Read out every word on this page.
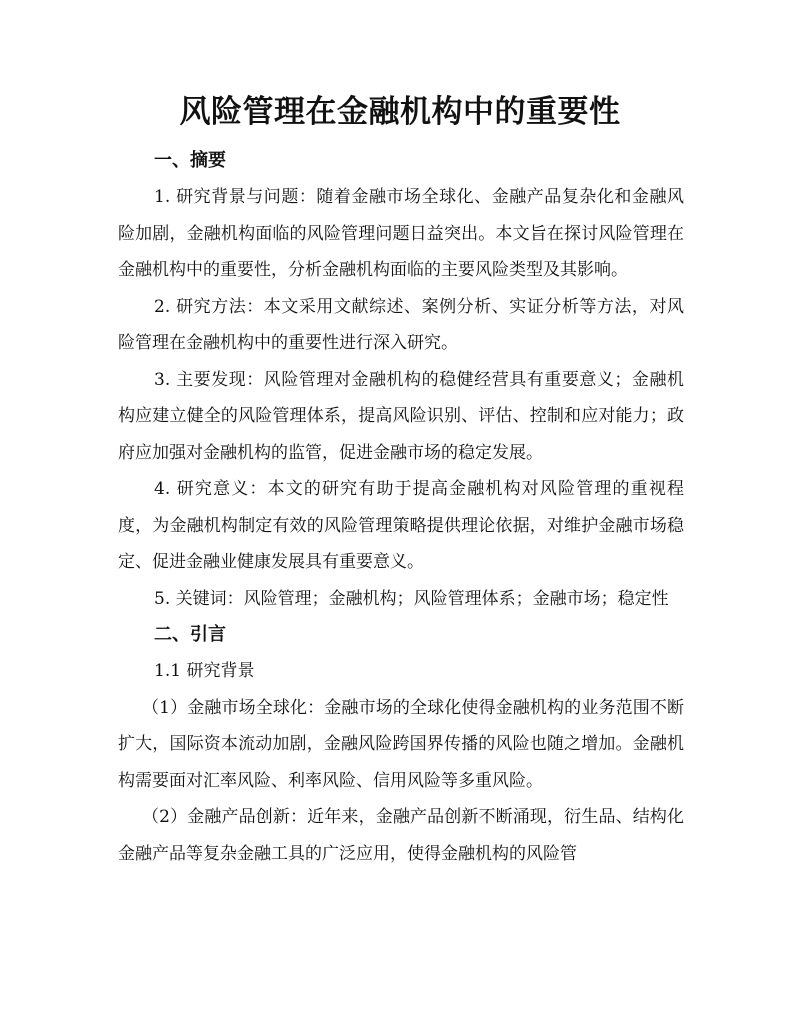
风险管理在金融机构中的重要性
一、摘要

1. 研究背景与问题：随着金融市场全球化、金融产品复杂化和金融风险加剧，金融机构面临的风险管理问题日益突出。本文旨在探讨风险管理在金融机构中的重要性，分析金融机构面临的主要风险类型及其影响。

2. 研究方法：本文采用文献综述、案例分析、实证分析等方法，对风险管理在金融机构中的重要性进行深入研究。

3. 主要发现：风险管理对金融机构的稳健经营具有重要意义；金融机构应建立健全的风险管理体系，提高风险识别、评估、控制和应对能力；政府应加强对金融机构的监管，促进金融市场的稳定发展。

4. 研究意义：本文的研究有助于提高金融机构对风险管理的重视程度，为金融机构制定有效的风险管理策略提供理论依据，对维护金融市场稳定、促进金融业健康发展具有重要意义。

5. 关键词：风险管理；金融机构；风险管理体系；金融市场；稳定性

二、引言

1.1 研究背景

（1）金融市场全球化：金融市场的全球化使得金融机构的业务范围不断扩大，国际资本流动加剧，金融风险跨国界传播的风险也随之增加。金融机构需要面对汇率风险、利率风险、信用风险等多重风险。

（2）金融产品创新：近年来，金融产品创新不断涌现，衍生品、结构化金融产品等复杂金融工具的广泛应用，使得金融机构的风险管
